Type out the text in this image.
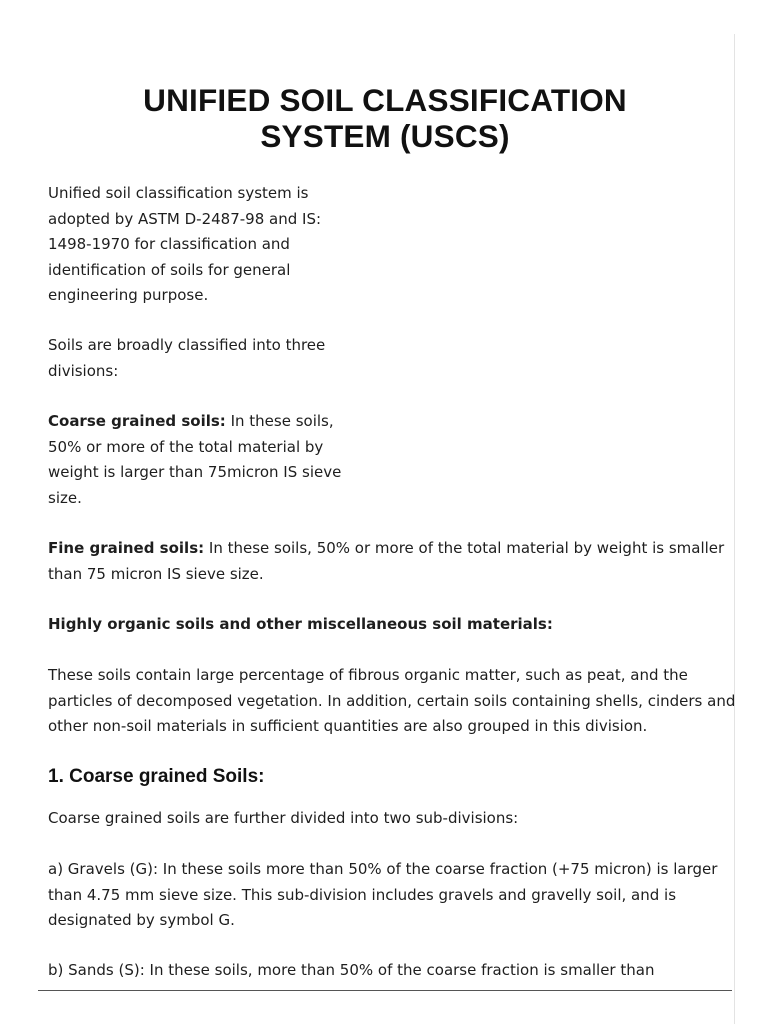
UNIFIED SOIL CLASSIFICATION
SYSTEM (USCS)

Unified soil classification system is adopted by ASTM D-2487-98 and IS: 1498-1970 for classification and identification of soils for general engineering purpose.

Soils are broadly classified into three divisions:

Coarse grained soils: In these soils, 50% or more of the total material by weight is larger than 75micron IS sieve size.

Fine grained soils: In these soils, 50% or more of the total material by weight is smaller than 75 micron IS sieve size.

Highly organic soils and other miscellaneous soil materials:

These soils contain large percentage of fibrous organic matter, such as peat, and the particles of decomposed vegetation. In addition, certain soils containing shells, cinders and other non-soil materials in sufficient quantities are also grouped in this division.

1. Coarse grained Soils:

Coarse grained soils are further divided into two sub-divisions:

a) Gravels (G): In these soils more than 50% of the coarse fraction (+75 micron) is larger than 4.75 mm sieve size. This sub-division includes gravels and gravelly soil, and is designated by symbol G.

b) Sands (S): In these soils, more than 50% of the coarse fraction is smaller than
